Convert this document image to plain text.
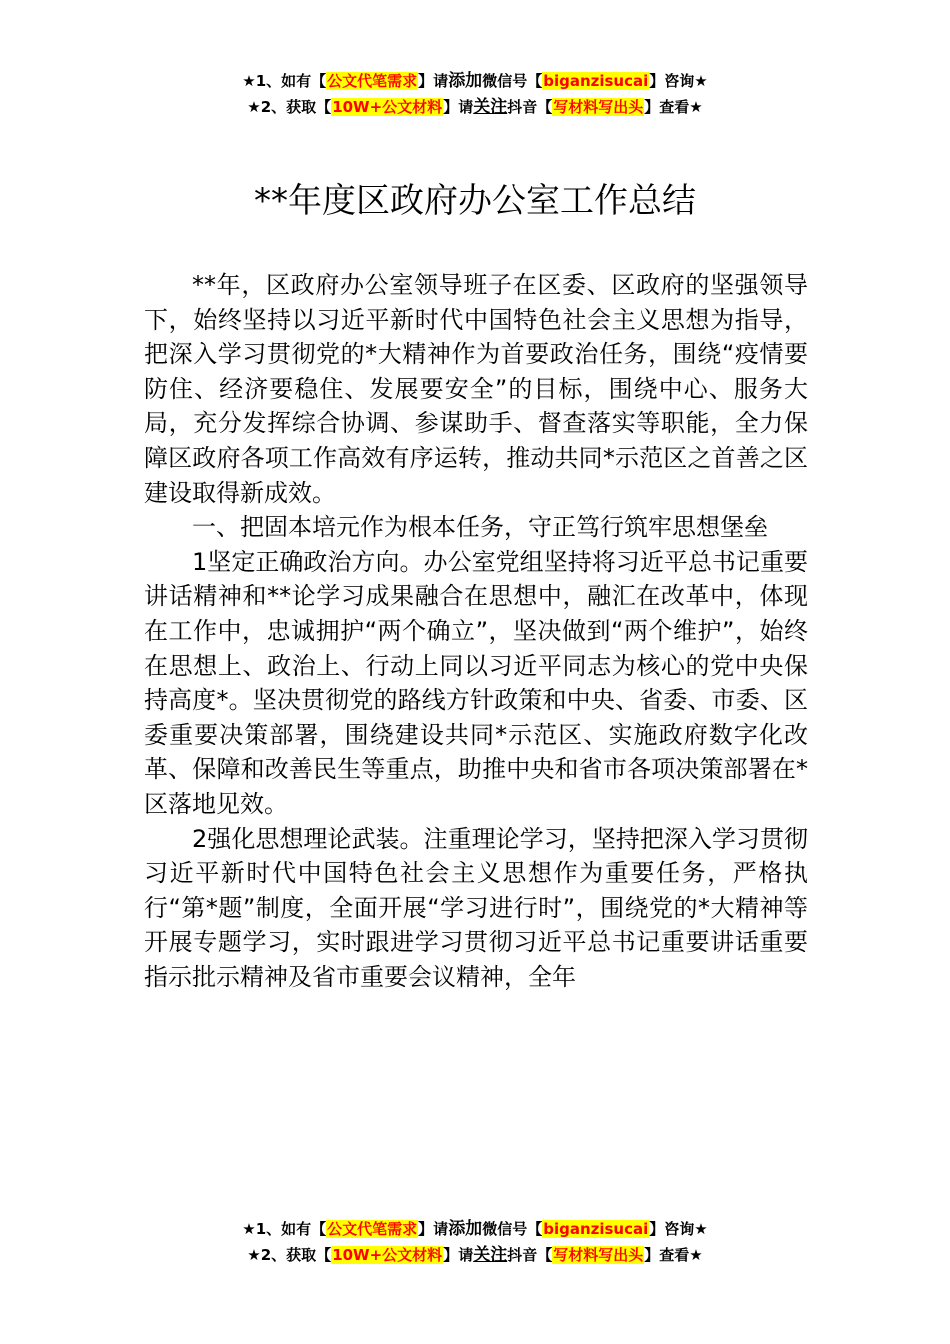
★1、如有【公文代笔需求】请添加微信号【biganzisucai】咨询★
★2、获取【10W+公文材料】请关注抖音【写材料写出头】查看★
**年度区政府办公室工作总结

**年，区政府办公室领导班子在区委、区政府的坚强领导下，始终坚持以习近平新时代中国特色社会主义思想为指导，把深入学习贯彻党的*大精神作为首要政治任务，围绕“疫情要防住、经济要稳住、发展要安全”的目标，围绕中心、服务大局，充分发挥综合协调、参谋助手、督查落实等职能，全力保障区政府各项工作高效有序运转，推动共同*示范区之首善之区建设取得新成效。

一、把固本培元作为根本任务，守正笃行筑牢思想堡垒

1坚定正确政治方向。办公室党组坚持将习近平总书记重要讲话精神和**论学习成果融合在思想中，融汇在改革中，体现在工作中，忠诚拥护“两个确立”，坚决做到“两个维护”，始终在思想上、政治上、行动上同以习近平同志为核心的党中央保持高度*。坚决贯彻党的路线方针政策和中央、省委、市委、区委重要决策部署，围绕建设共同*示范区、实施政府数字化改革、保障和改善民生等重点，助推中央和省市各项决策部署在*区落地见效。

2强化思想理论武装。注重理论学习，坚持把深入学习贯彻习近平新时代中国特色社会主义思想作为重要任务，严格执行“第*题”制度，全面开展“学习进行时”，围绕党的*大精神等开展专题学习，实时跟进学习贯彻习近平总书记重要讲话重要指示批示精神及省市重要会议精神，全年

★1、如有【公文代笔需求】请添加微信号【biganzisucai】咨询★
★2、获取【10W+公文材料】请关注抖音【写材料写出头】查看★
